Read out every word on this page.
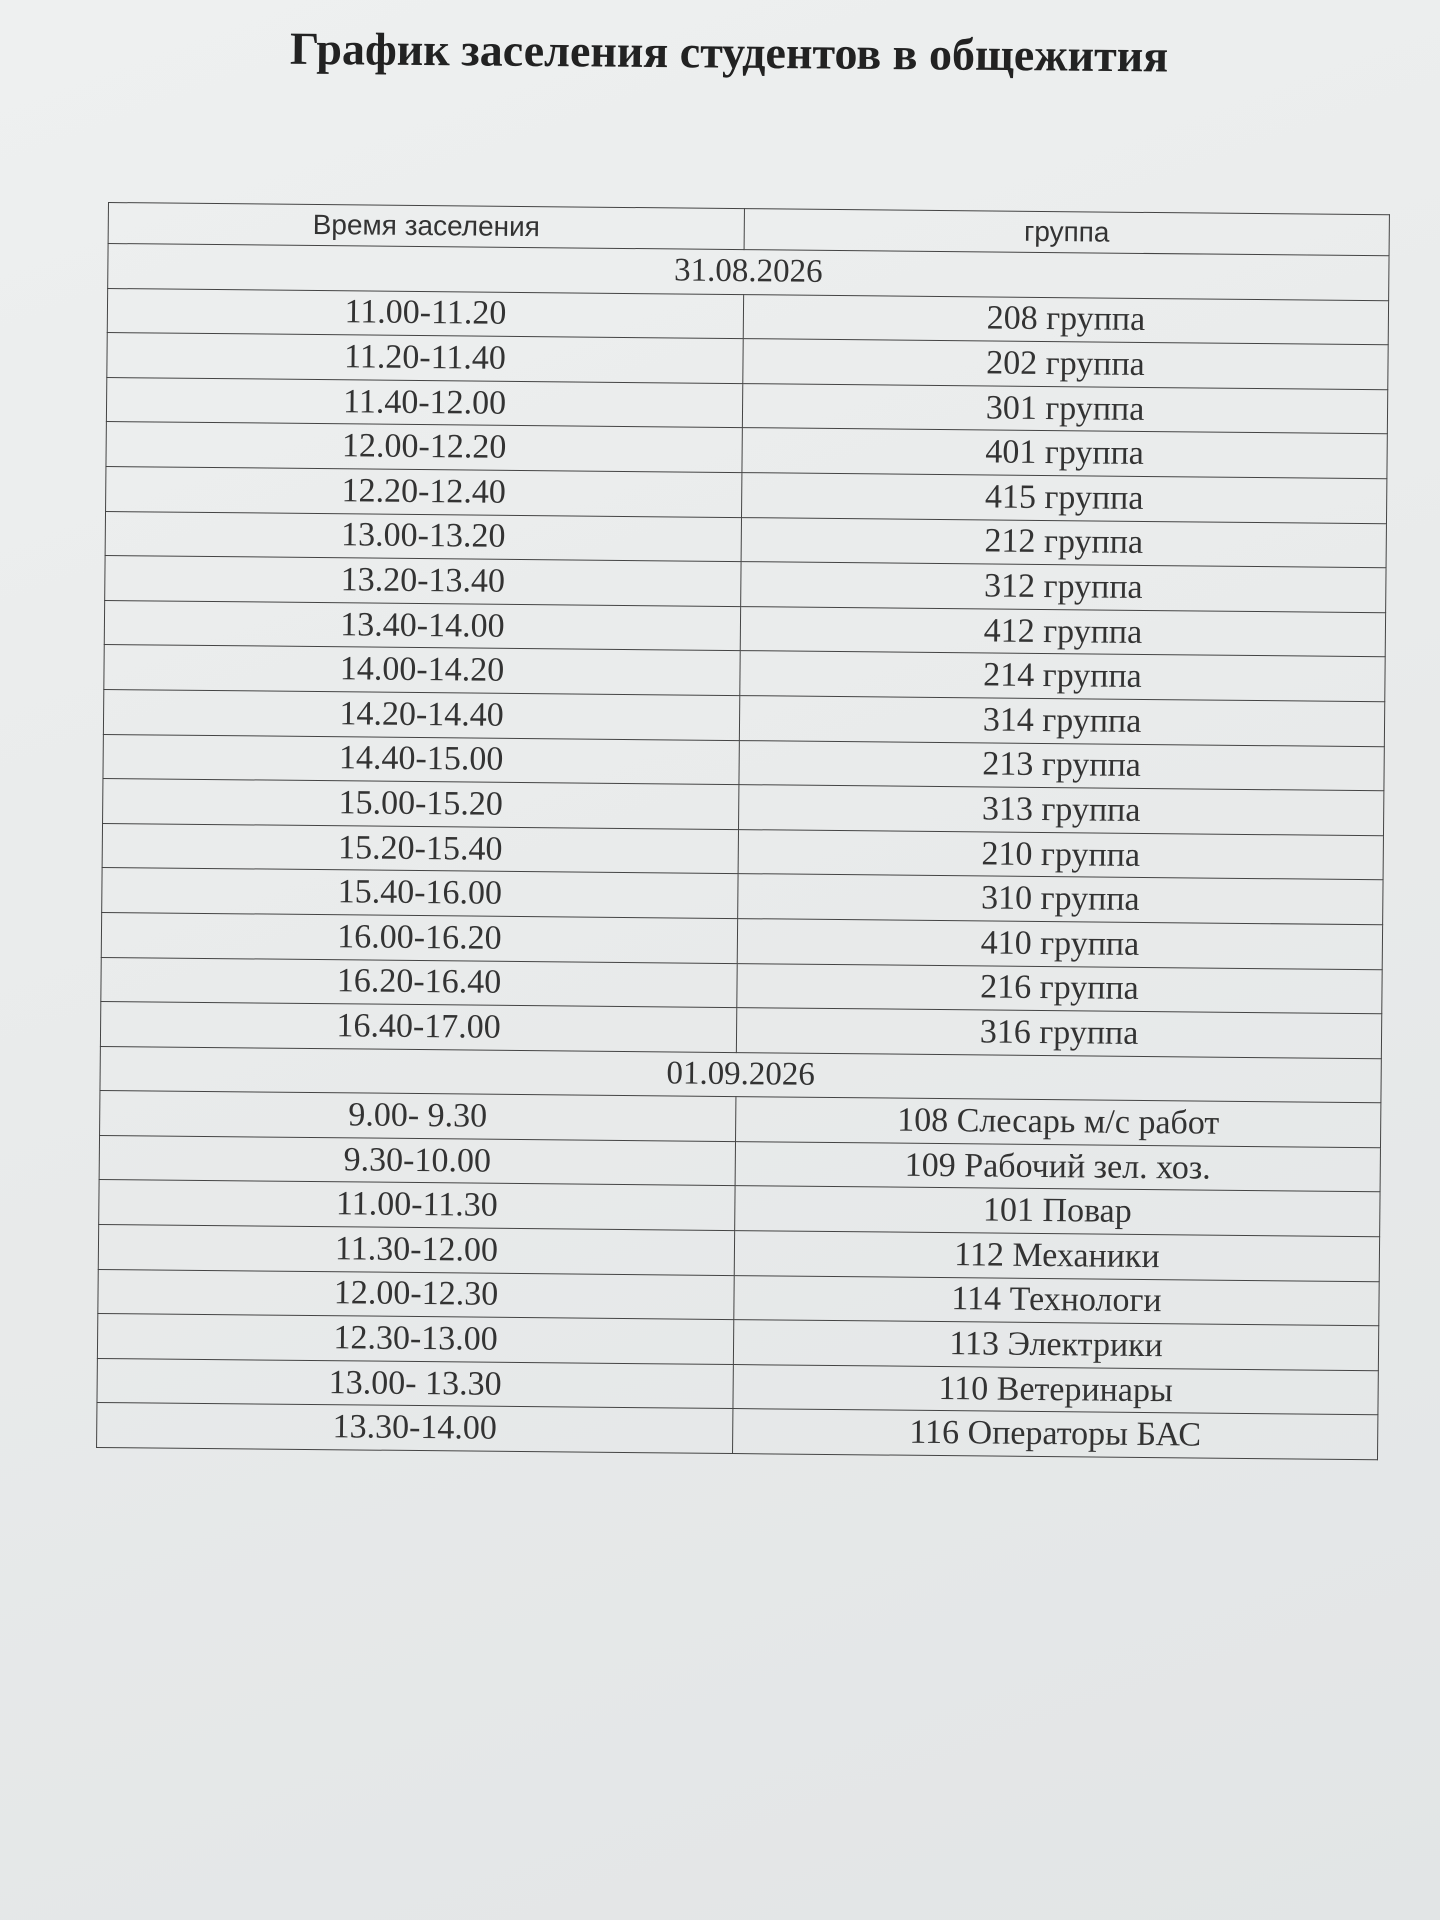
График заселения студентов в общежития
Время заселения	группа
31.08.2026	
11.00-11.20	208 группа
11.20-11.40	202 группа
11.40-12.00	301 группа
12.00-12.20	401 группа
12.20-12.40	415 группа
13.00-13.20	212 группа
13.20-13.40	312 группа
13.40-14.00	412 группа
14.00-14.20	214 группа
14.20-14.40	314 группа
14.40-15.00	213 группа
15.00-15.20	313 группа
15.20-15.40	210 группа
15.40-16.00	310 группа
16.00-16.20	410 группа
16.20-16.40	216 группа
16.40-17.00	316 группа
01.09.2026	
9.00- 9.30	108 Слесарь м/с работ
9.30-10.00	109 Рабочий зел. хоз.
11.00-11.30	101 Повар
11.30-12.00	112 Механики
12.00-12.30	114 Технологи
12.30-13.00	113 Электрики
13.00- 13.30	110 Ветеринары
13.30-14.00	116 Операторы БАС
